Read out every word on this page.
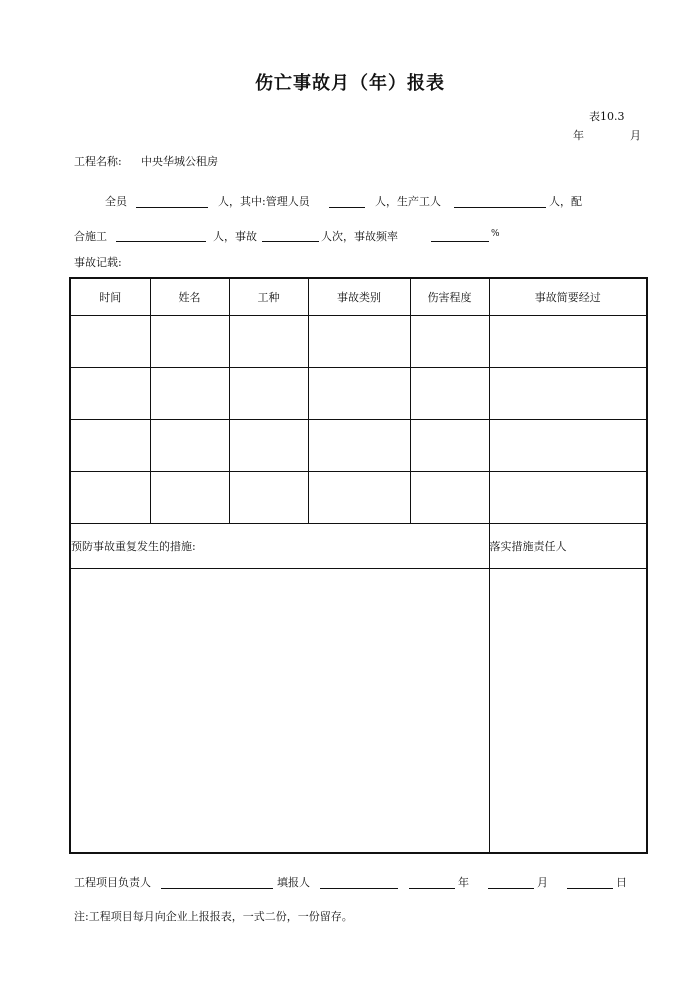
伤亡事故月（年）报表
表10.3
年	月
工程名称: 中央华城公租房
全员	人，其中:管理人员	人，生产工人	人，配
合施工	人，事故	人次，事故频率	%
事故记载:
时间	姓名	工种	事故类别	伤害程度	事故简要经过

预防事故重复发生的措施:					落实措施责任人

工程项目负责人	填报人	年	月	日
注:工程项目每月向企业上报报表，一式二份，一份留存。
